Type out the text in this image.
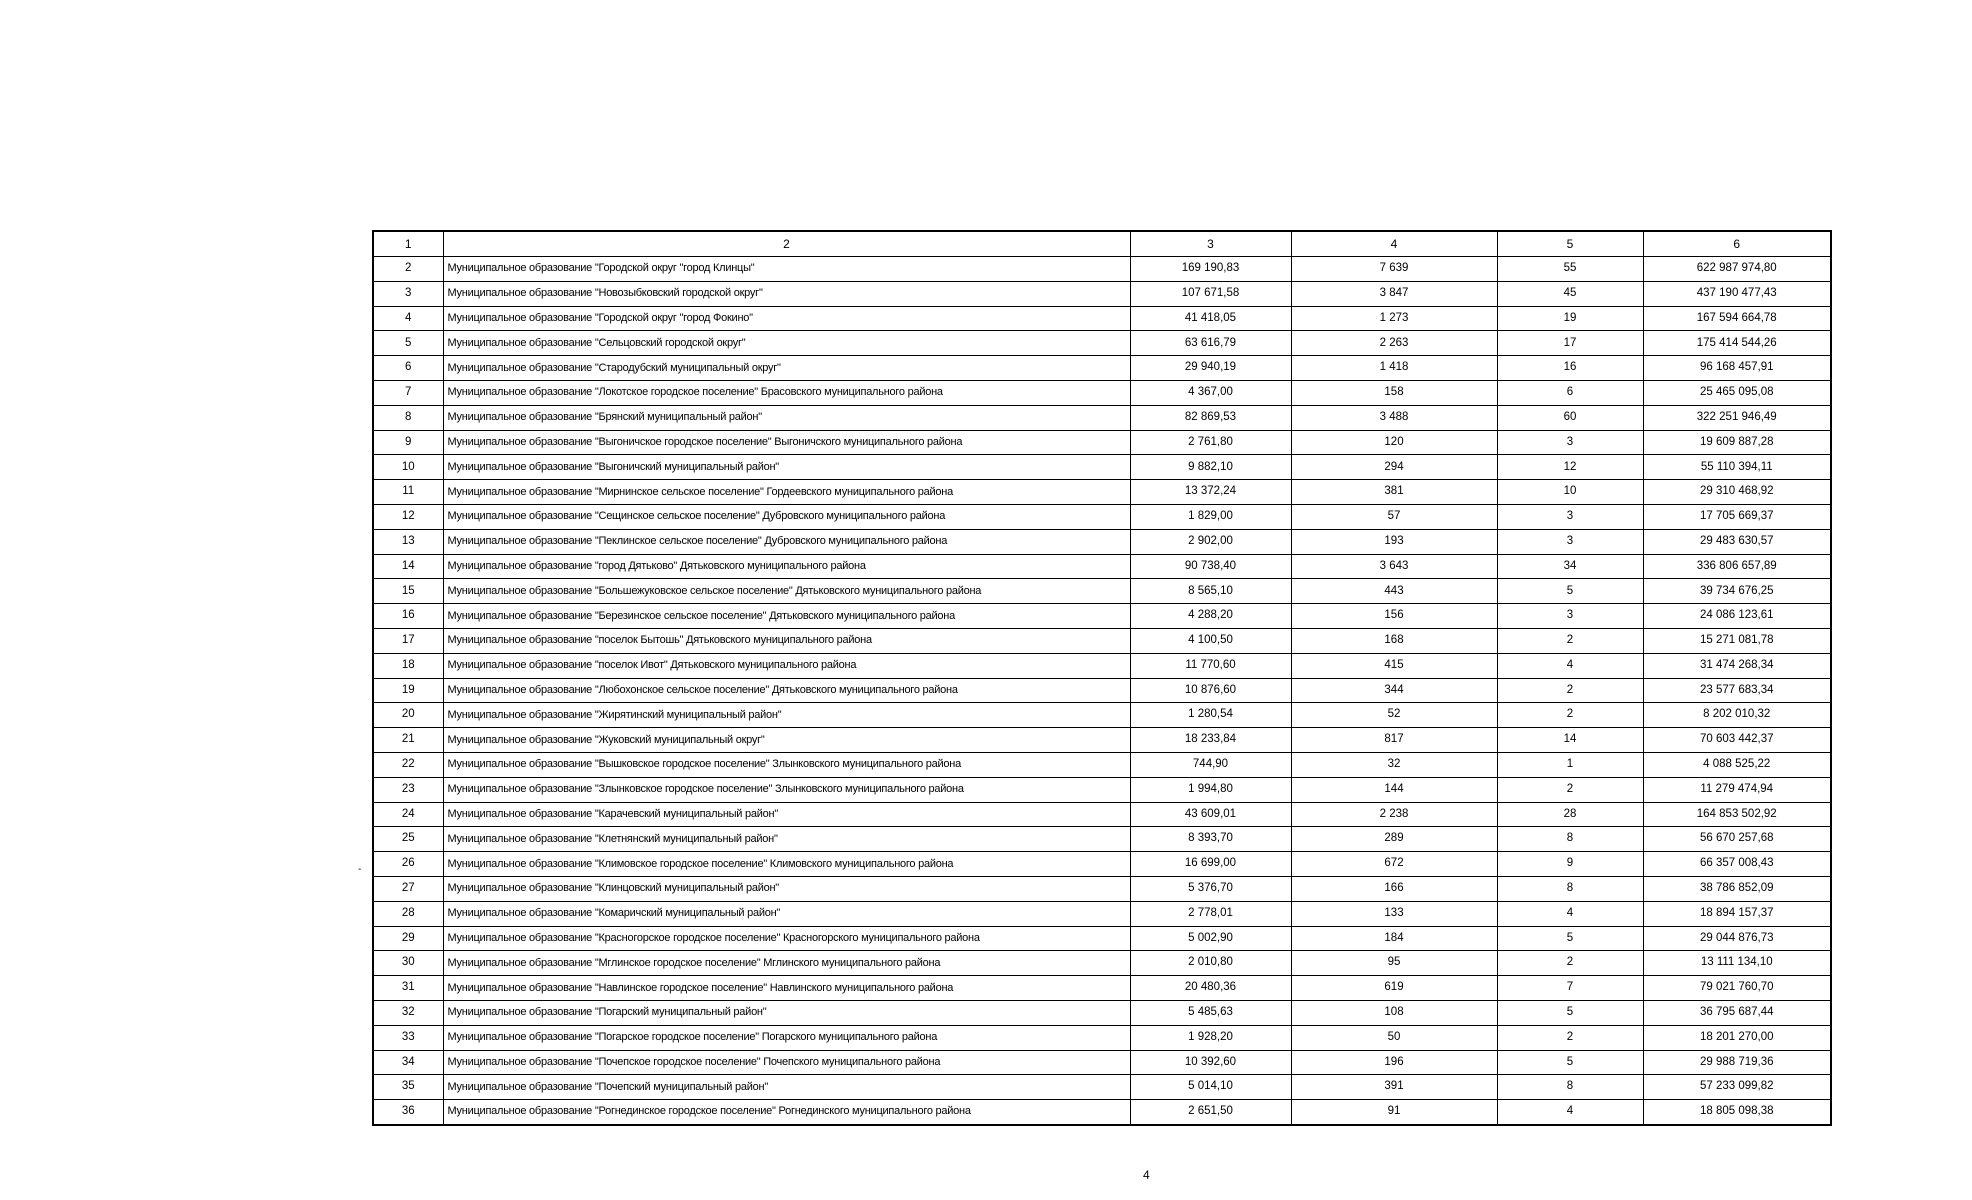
1	2	3	4	5	6
2	Муниципальное образование "Городской округ "город Клинцы"	169 190,83	7 639	55	622 987 974,80
3	Муниципальное образование "Новозыбковский городской округ"	107 671,58	3 847	45	437 190 477,43
4	Муниципальное образование "Городской округ "город Фокино"	41 418,05	1 273	19	167 594 664,78
5	Муниципальное образование "Сельцовский городской округ"	63 616,79	2 263	17	175 414 544,26
6	Муниципальное образование "Стародубский муниципальный округ"	29 940,19	1 418	16	96 168 457,91
7	Муниципальное образование "Локотское городское поселение" Брасовского муниципального района	4 367,00	158	6	25 465 095,08
8	Муниципальное образование "Брянский муниципальный район"	82 869,53	3 488	60	322 251 946,49
9	Муниципальное образование "Выгоничское городское поселение" Выгоничского муниципального района	2 761,80	120	3	19 609 887,28
10	Муниципальное образование "Выгоничский муниципальный район"	9 882,10	294	12	55 110 394,11
11	Муниципальное образование "Мирнинское сельское поселение" Гордеевского муниципального района	13 372,24	381	10	29 310 468,92
12	Муниципальное образование "Сещинское сельское поселение" Дубровского муниципального района	1 829,00	57	3	17 705 669,37
13	Муниципальное образование "Пеклинское сельское поселение" Дубровского муниципального района	2 902,00	193	3	29 483 630,57
14	Муниципальное образование "город Дятьково" Дятьковского муниципального района	90 738,40	3 643	34	336 806 657,89
15	Муниципальное образование "Большежуковское сельское поселение" Дятьковского муниципального района	8 565,10	443	5	39 734 676,25
16	Муниципальное образование "Березинское сельское поселение" Дятьковского муниципального района	4 288,20	156	3	24 086 123,61
17	Муниципальное образование "поселок Бытошь" Дятьковского муниципального района	4 100,50	168	2	15 271 081,78
18	Муниципальное образование "поселок Ивот" Дятьковского муниципального района	11 770,60	415	4	31 474 268,34
19	Муниципальное образование "Любохонское сельское поселение" Дятьковского муниципального района	10 876,60	344	2	23 577 683,34
20	Муниципальное образование "Жирятинский муниципальный район"	1 280,54	52	2	8 202 010,32
21	Муниципальное образование "Жуковский муниципальный округ"	18 233,84	817	14	70 603 442,37
22	Муниципальное образование "Вышковское городское поселение" Злынковского муниципального района	744,90	32	1	4 088 525,22
23	Муниципальное образование "Злынковское городское поселение" Злынковского муниципального района	1 994,80	144	2	11 279 474,94
24	Муниципальное образование "Карачевский муниципальный район"	43 609,01	2 238	28	164 853 502,92
25	Муниципальное образование "Клетнянский муниципальный район"	8 393,70	289	8	56 670 257,68
26	Муниципальное образование "Климовское городское поселение" Климовского муниципального района	16 699,00	672	9	66 357 008,43
27	Муниципальное образование "Клинцовский муниципальный район"	5 376,70	166	8	38 786 852,09
28	Муниципальное образование "Комаричский муниципальный район"	2 778,01	133	4	18 894 157,37
29	Муниципальное образование "Красногорское городское поселение" Красногорского муниципального района	5 002,90	184	5	29 044 876,73
30	Муниципальное образование "Мглинское городское поселение" Мглинского муниципального района	2 010,80	95	2	13 111 134,10
31	Муниципальное образование "Навлинское городское поселение" Навлинского муниципального района	20 480,36	619	7	79 021 760,70
32	Муниципальное образование "Погарский муниципальный район"	5 485,63	108	5	36 795 687,44
33	Муниципальное образование "Погарское городское поселение" Погарского муниципального района	1 928,20	50	2	18 201 270,00
34	Муниципальное образование "Почепское городское поселение" Почепского муниципального района	10 392,60	196	5	29 988 719,36
35	Муниципальное образование "Почепский муниципальный район"	5 014,10	391	8	57 233 099,82
36	Муниципальное образование "Рогнединское городское поселение" Рогнединского муниципального района	2 651,50	91	4	18 805 098,38
-
4
